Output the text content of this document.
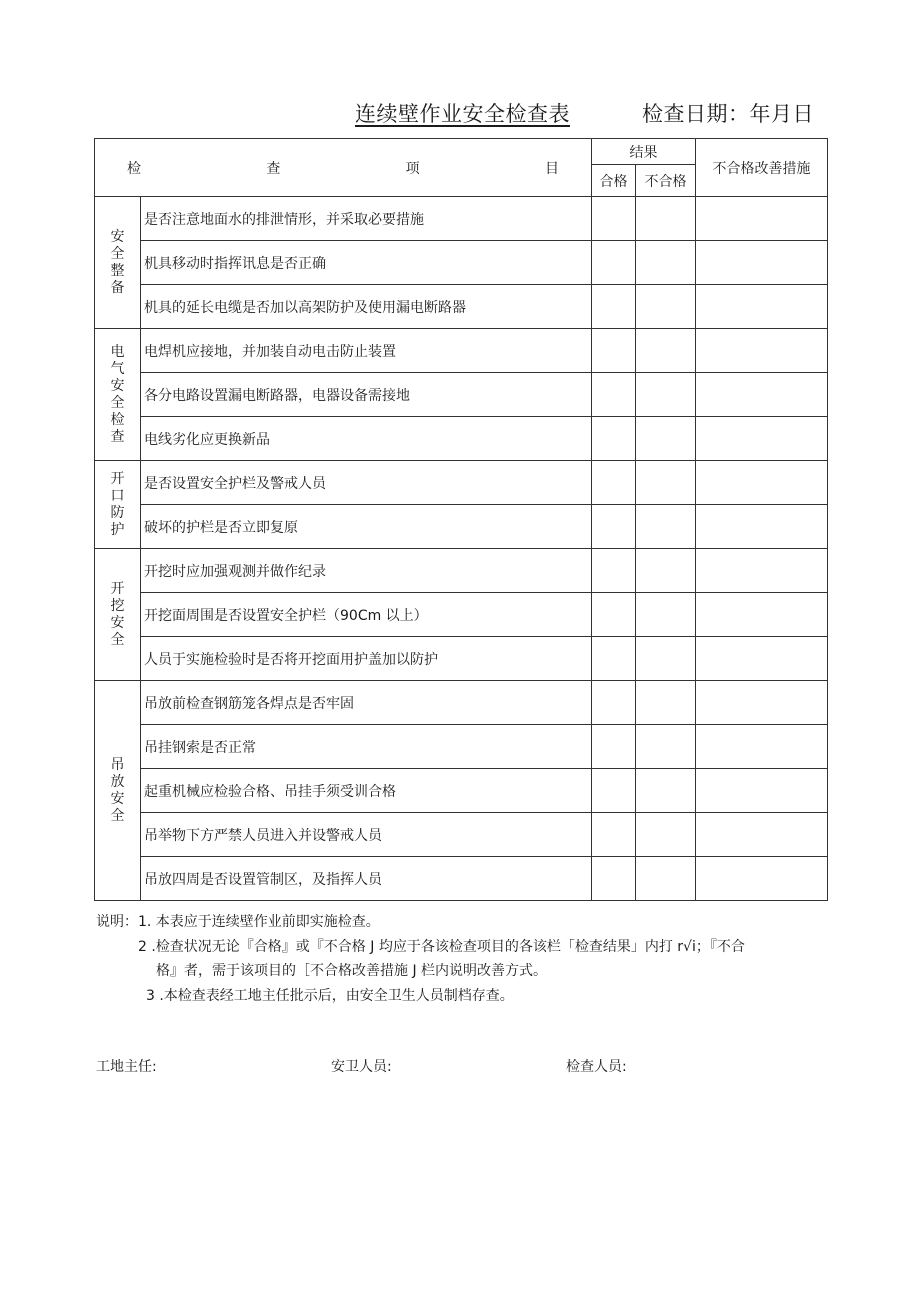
连续壁作业安全检查表	检查日期：年月日
检 查 项 目		结果		不合格改善措施
		合格	不合格	
安全整备	是否注意地面水的排泄情形，并采取必要措施			
	机具移动时指挥讯息是否正确			
	机具的延长电缆是否加以高架防护及使用漏电断路器			
电气安全检查	电焊机应接地，并加装自动电击防止装置			
	各分电路设置漏电断路器，电器设备需接地			
	电线劣化应更换新品			
开口防护	是否设置安全护栏及警戒人员			
	破坏的护栏是否立即复原			
开挖安全	开挖时应加强观测并做作纪录			
	开挖面周围是否设置安全护栏（90Cm 以上）			
	人员于实施检验时是否将开挖面用护盖加以防护			
吊放安全	吊放前检查钢筋笼各焊点是否牢固			
	吊挂钢索是否正常			
	起重机械应检验合格、吊挂手须受训合格			
	吊举物下方严禁人员进入并设警戒人员			
	吊放四周是否设置管制区，及指挥人员			
说明：1. 本表应于连续壁作业前即实施检查。
2 .检查状况无论『合格』或『不合格 J 均应于各该检查项目的各该栏「检查结果」内打 r√i；『不合
格』者，需于该项目的［不合格改善措施 J 栏内说明改善方式。
3 .本检查表经工地主任批示后，由安全卫生人员制档存查。
工地主任:	安卫人员:	检查人员:
